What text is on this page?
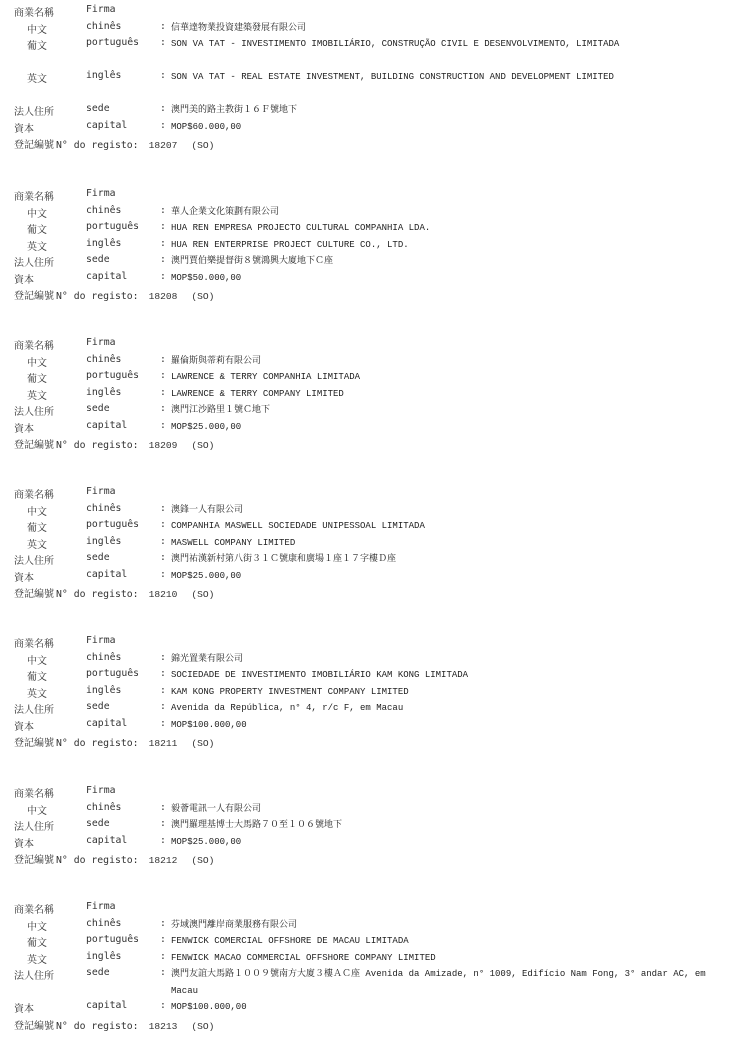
商業名稱	Firma
中文	chinês	: 信華達物業投資建築發展有限公司
葡文	português : SON VA TAT - INVESTIMENTO IMOBILIÁRIO, CONSTRUÇÃO CIVIL E DESENVOLVIMENTO, LIMITADA
英文	inglês	: SON VA TAT - REAL ESTATE INVESTMENT, BUILDING CONSTRUCTION AND DEVELOPMENT LIMITED
法人住所	sede	: 澳門美的路主教街１６Ｆ號地下
資本	capital	: MOP$60.000,00
登記編號 N° do registo: 18207 (SO)
商業名稱	Firma
中文	chinês	: 華人企業文化策劃有限公司
葡文	português : HUA REN EMPRESA PROJECTO CULTURAL COMPANHIA LDA.
英文	inglês	: HUA REN ENTERPRISE PROJECT CULTURE CO., LTD.
法人住所	sede	: 澳門賈伯樂提督街８號鴻興大廈地下Ｃ座
資本	capital	: MOP$50.000,00
登記編號 N° do registo: 18208 (SO)
商業名稱	Firma
中文	chinês	: 羅倫斯與蒂莉有限公司
葡文	português : LAWRENCE & TERRY COMPANHIA LIMITADA
英文	inglês	: LAWRENCE & TERRY COMPANY LIMITED
法人住所	sede	: 澳門江沙路里１號Ｃ地下
資本	capital	: MOP$25.000,00
登記編號 N° do registo: 18209 (SO)
商業名稱	Firma
中文	chinês	: 澳鋒一人有限公司
葡文	português : COMPANHIA MASWELL SOCIEDADE UNIPESSOAL LIMITADA
英文	inglês	: MASWELL COMPANY LIMITED
法人住所	sede	: 澳門祐漢新村第八街３１Ｃ號康和廣場１座１７字樓Ｄ座
資本	capital	: MOP$25.000,00
登記編號 N° do registo: 18210 (SO)
商業名稱	Firma
中文	chinês	: 錦光置業有限公司
葡文	português : SOCIEDADE DE INVESTIMENTO IMOBILIÁRIO KAM KONG LIMITADA
英文	inglês	: KAM KONG PROPERTY INVESTMENT COMPANY LIMITED
法人住所	sede	: Avenida da República, n° 4, r/c F, em Macau
資本	capital	: MOP$100.000,00
登記編號 N° do registo: 18211 (SO)
商業名稱	Firma
中文	chinês	: 毅薈電訊一人有限公司
法人住所	sede	: 澳門羅理基博士大馬路７０至１０６號地下
資本	capital	: MOP$25.000,00
登記編號 N° do registo: 18212 (SO)
商業名稱	Firma
中文	chinês	: 芬域澳門離岸商業服務有限公司
葡文	português : FENWICK COMERCIAL OFFSHORE DE MACAU LIMITADA
英文	inglês	: FENWICK MACAO COMMERCIAL OFFSHORE COMPANY LIMITED
法人住所	sede	: 澳門友誼大馬路１００９號南方大廈３樓ＡＣ座 Avenida da Amizade, n° 1009, Edifício Nam Fong, 3° andar AC, em Macau
資本	capital	: MOP$100.000,00
登記編號 N° do registo: 18213 (SO)
